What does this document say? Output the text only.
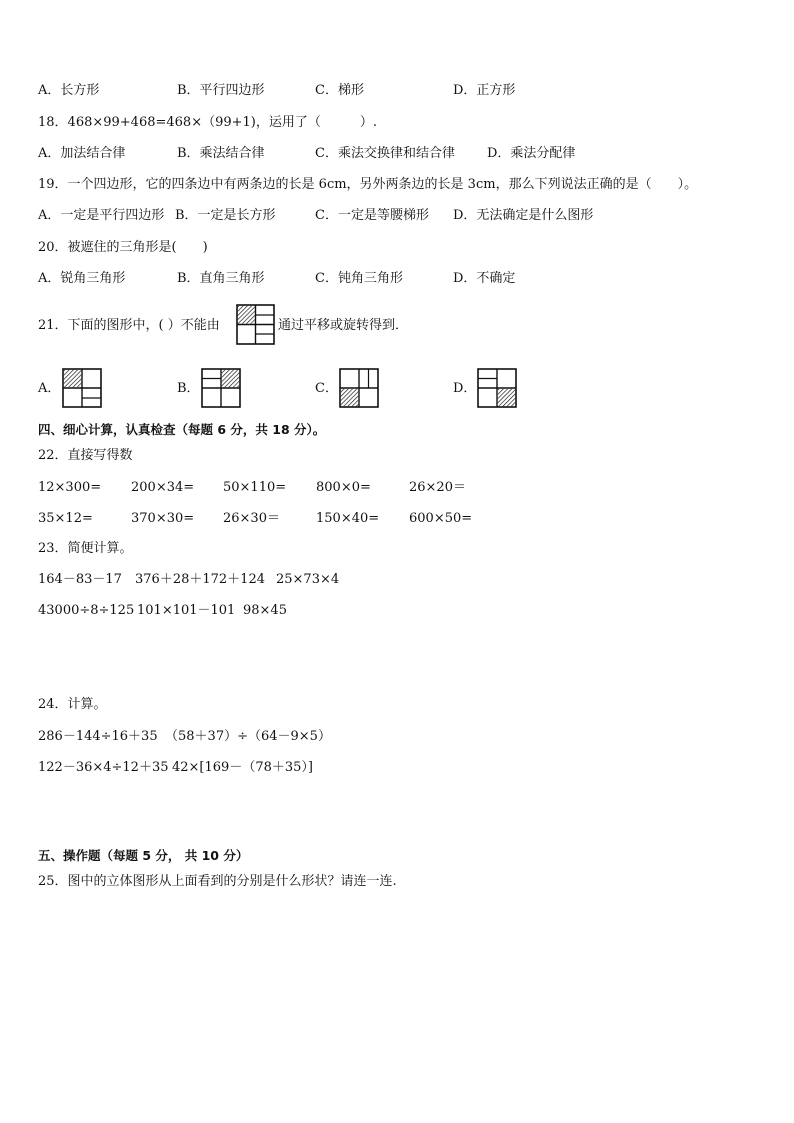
A．长方形	B．平行四边形	C．梯形	D．正方形
18．468×99+468=468×（99+1)，运用了（　　　）.
A．加法结合律	B．乘法结合律	C．乘法交换律和结合律 D．乘法分配律
19．一个四边形，它的四条边中有两条边的长是 6cm，另外两条边的长是 3cm，那么下列说法正确的是（　　）。
A．一定是平行四边形 B．一定是长方形	C．一定是等腰梯形 D．无法确定是什么图形
20．被遮住的三角形是(　　)
A．锐角三角形	B．直角三角形	C．钝角三角形	D．不确定
21．下面的图形中，( ）不能由	通过平移或旋转得到．
A．	B．	C．	D．
四、细心计算，认真检查（每题 6 分，共 18 分）。
22．直接写得数
12×300= 200×34= 50×110= 800×0=	26×20＝
35×12=	370×30= 26×30＝	150×40= 600×50=
23．简便计算。
164－83－17 376＋28＋172＋124 25×73×4
43000÷8÷125 101×101－101 98×45
24．计算。
286－144÷16＋35 （58＋37）÷（64－9×5）
122－36×4÷12＋35 42×[169－（78＋35）]
五、操作题（每题 5 分， 共 10 分）
25．图中的立体图形从上面看到的分别是什么形状？请连一连.
